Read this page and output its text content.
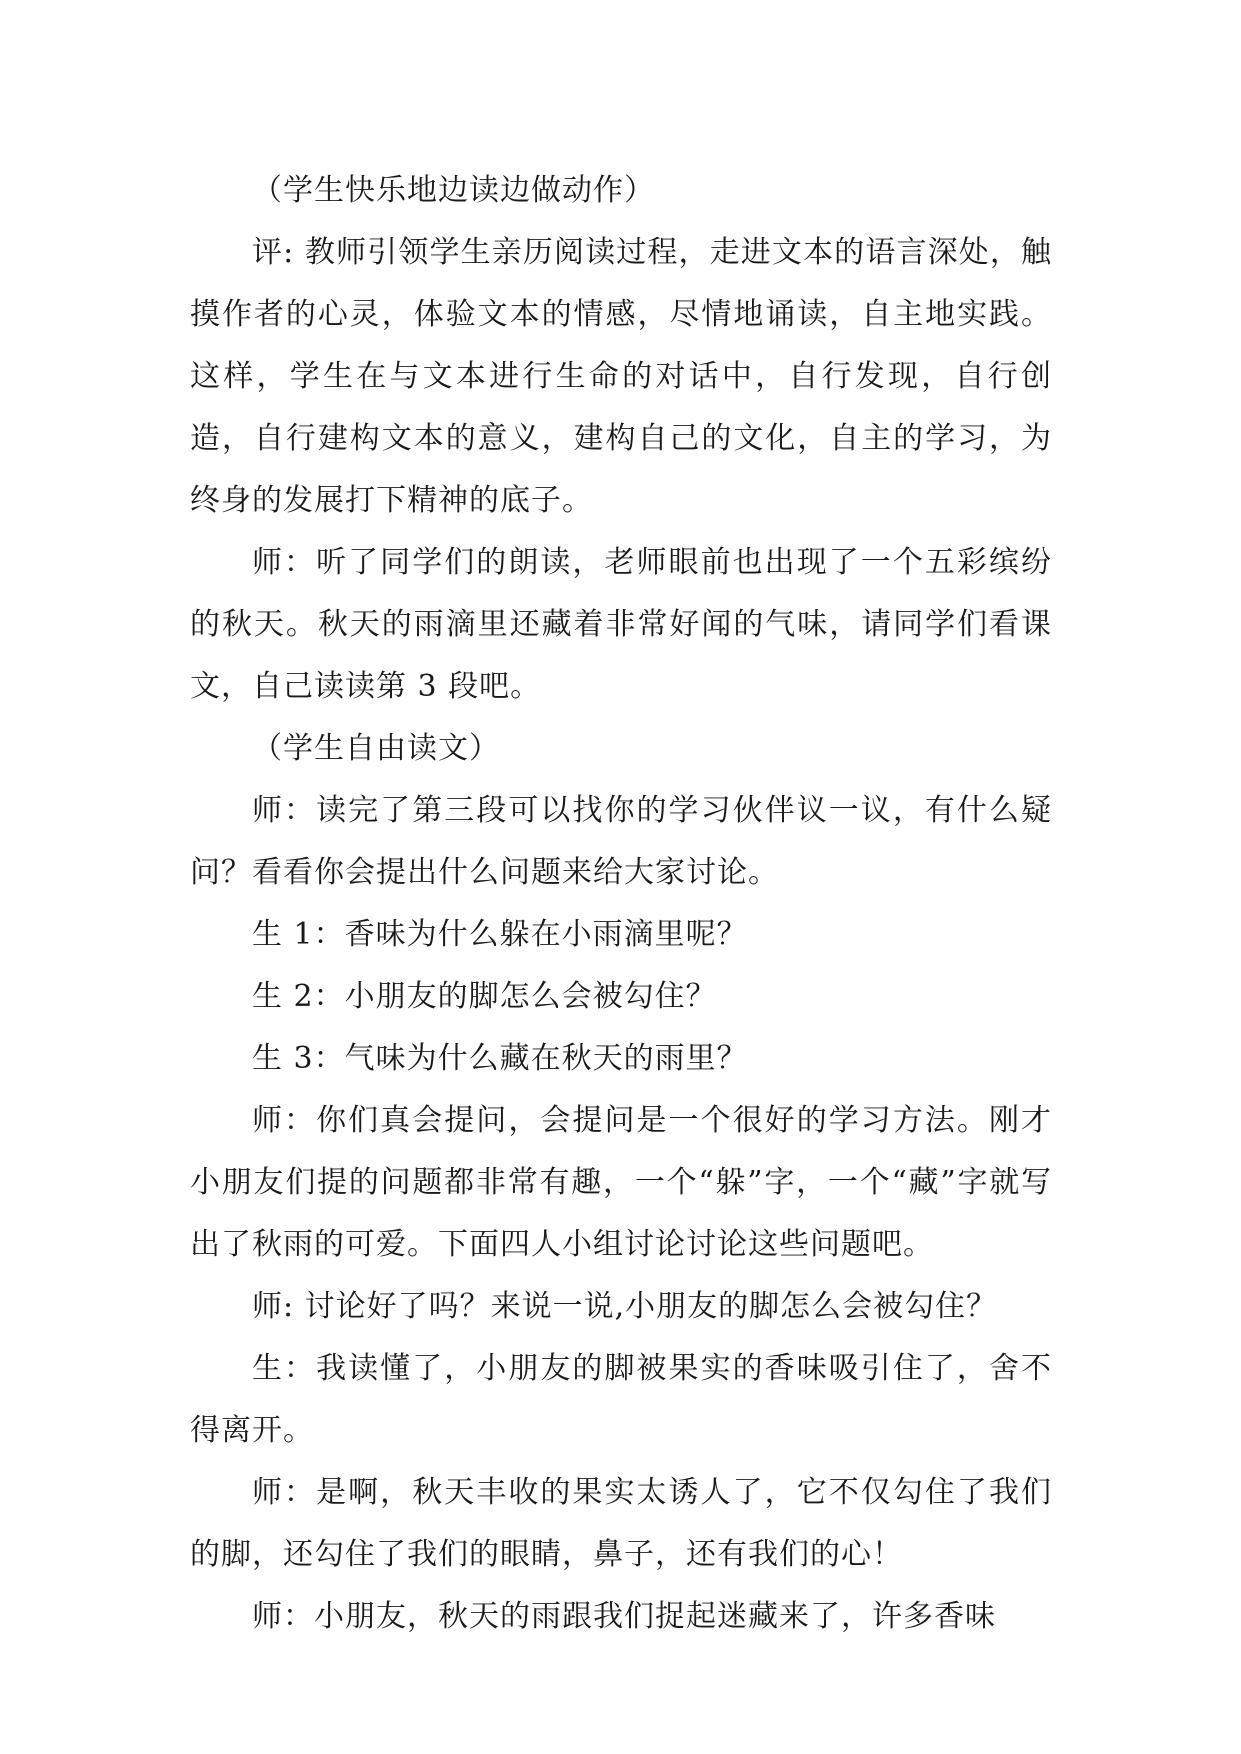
（学生快乐地边读边做动作）

评: 教师引领学生亲历阅读过程，走进文本的语言深处，触摸作者的心灵，体验文本的情感，尽情地诵读，自主地实践。这样，学生在与文本进行生命的对话中，自行发现，自行创造，自行建构文本的意义，建构自己的文化，自主的学习，为终身的发展打下精神的底子。

师：听了同学们的朗读，老师眼前也出现了一个五彩缤纷的秋天。秋天的雨滴里还藏着非常好闻的气味，请同学们看课文，自己读读第 3 段吧。

（学生自由读文）

师：读完了第三段可以找你的学习伙伴议一议，有什么疑问？看看你会提出什么问题来给大家讨论。

生 1：香味为什么躲在小雨滴里呢？

生 2：小朋友的脚怎么会被勾住？

生 3：气味为什么藏在秋天的雨里？

师：你们真会提问，会提问是一个很好的学习方法。刚才小朋友们提的问题都非常有趣，一个“躲”字，一个“藏”字就写出了秋雨的可爱。下面四人小组讨论讨论这些问题吧。

师: 讨论好了吗？来说一说,小朋友的脚怎么会被勾住？

生：我读懂了，小朋友的脚被果实的香味吸引住了，舍不得离开。

师：是啊，秋天丰收的果实太诱人了，它不仅勾住了我们的脚，还勾住了我们的眼睛，鼻子，还有我们的心！

师：小朋友，秋天的雨跟我们捉起迷藏来了，许多香味
